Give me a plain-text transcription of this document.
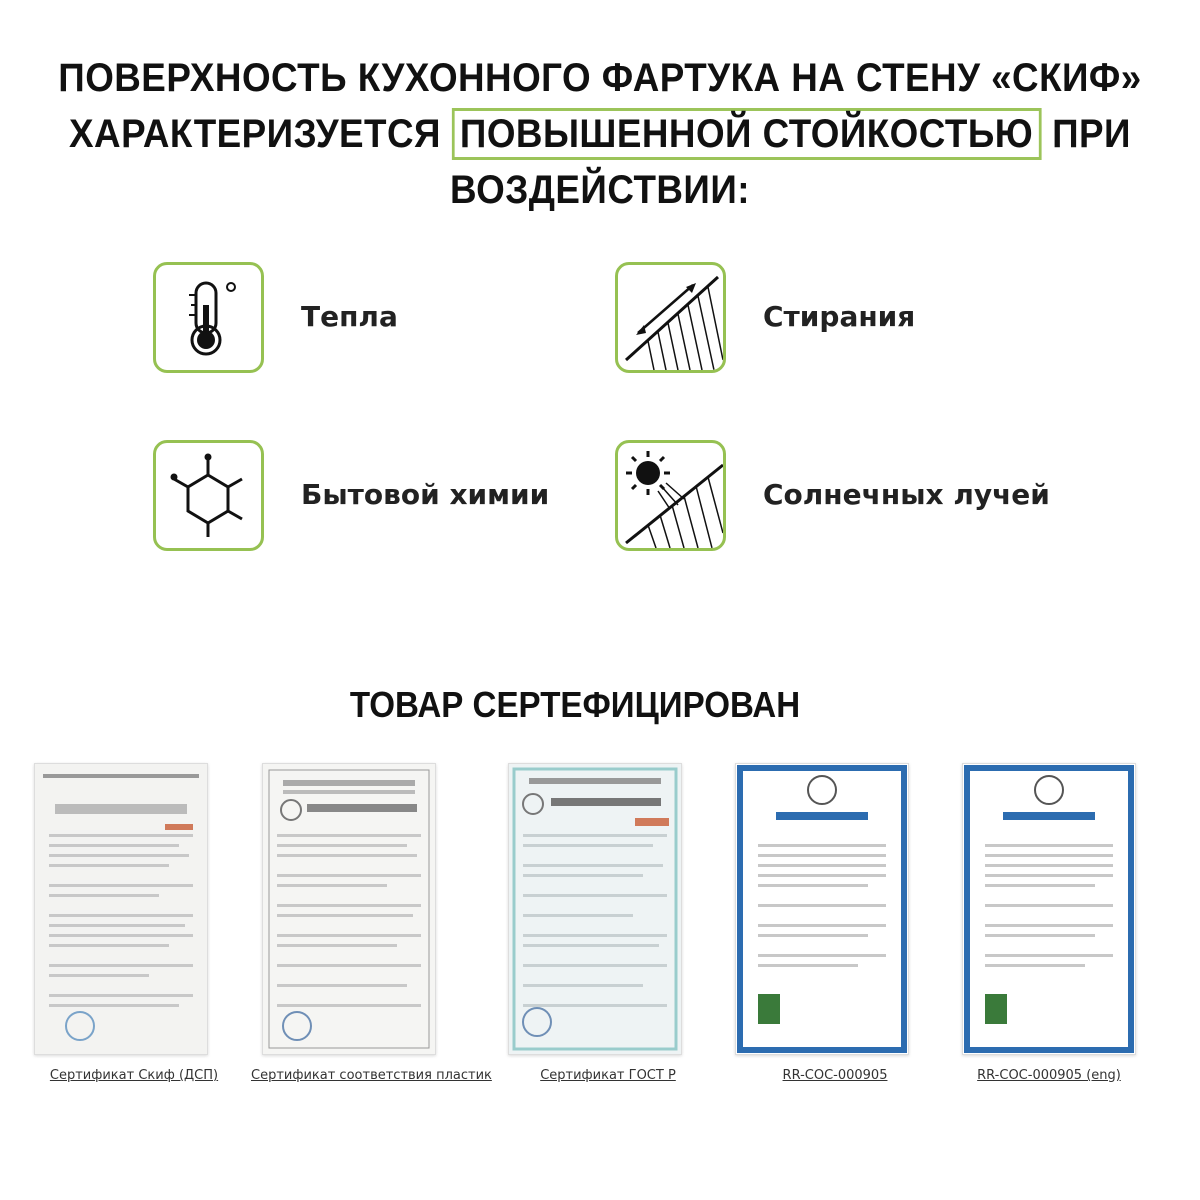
ПОВЕРХНОСТЬ КУХОННОГО ФАРТУКА НА СТЕНУ «СКИФ»
ХАРАКТЕРИЗУЕТСЯ ПОВЫШЕННОЙ СТОЙКОСТЬЮ ПРИ ВОЗДЕЙСТВИИ:
Тепла	Стирания
Бытовой химии	Солнечных лучей
ТОВАР СЕРТЕФИЦИРОВАН
Сертификат Скиф (ДСП)	Сертификат соответствия пластик	Сертификат ГОСТ Р	RR-COC-000905	RR-COC-000905 (eng)
